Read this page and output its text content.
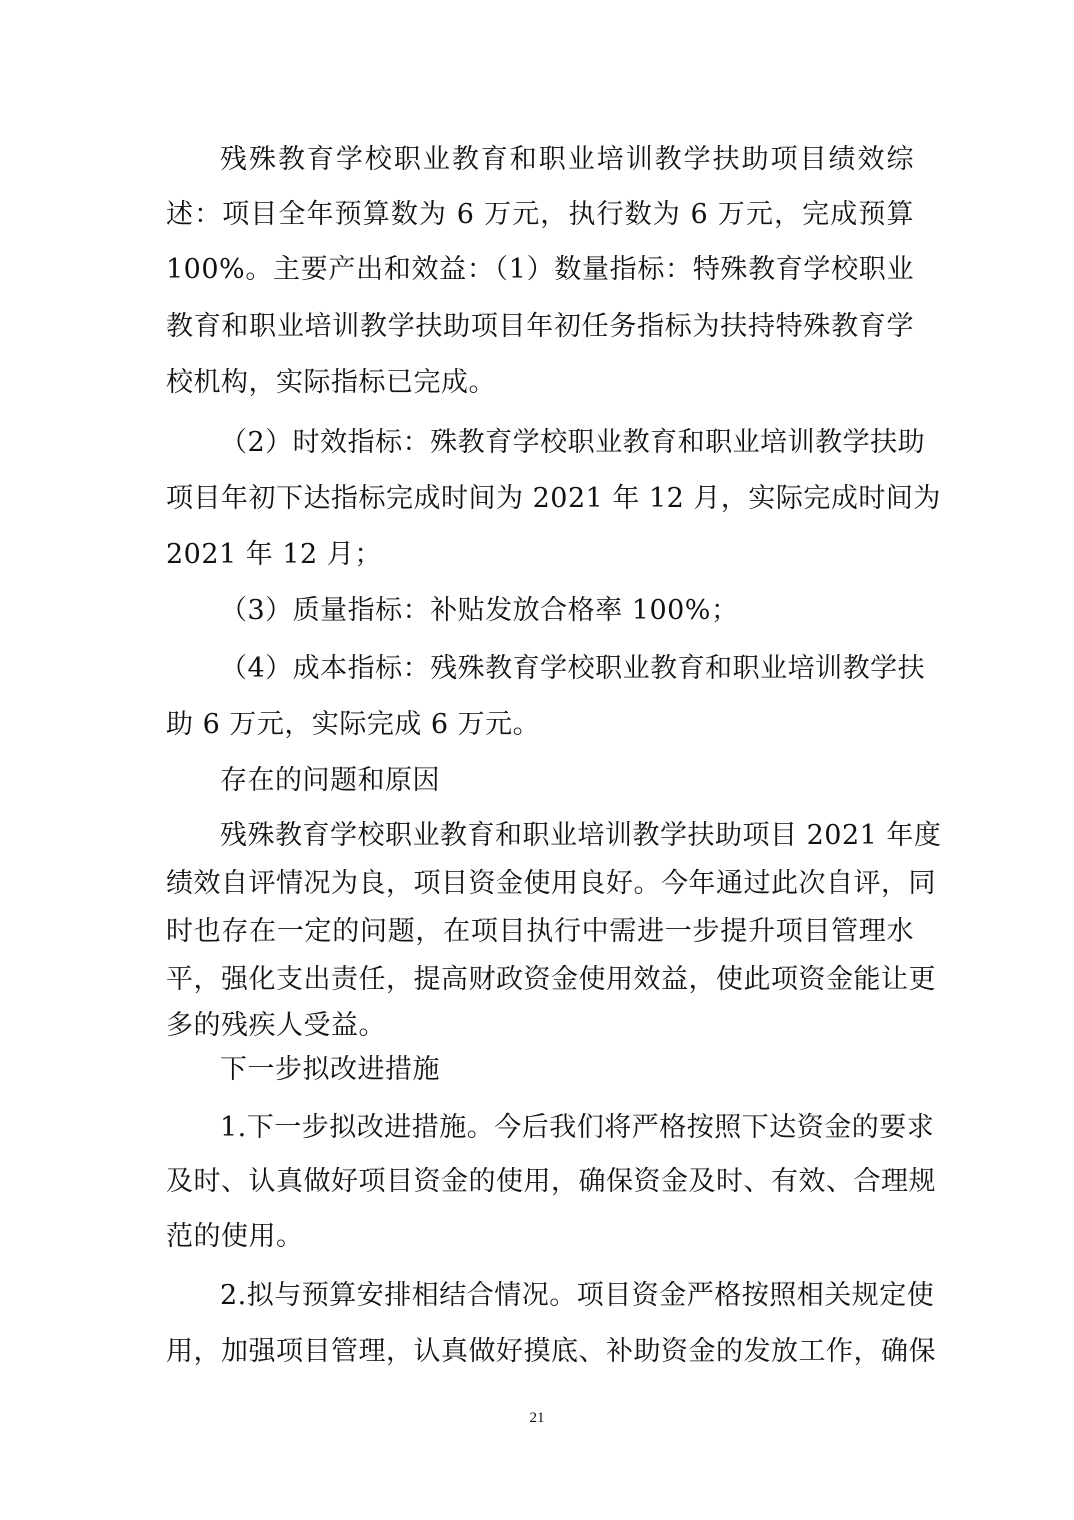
残殊教育学校职业教育和职业培训教学扶助项目绩效综
述：项目全年预算数为 6 万元，执行数为 6 万元，完成预算
100%。主要产出和效益：（1）数量指标：特殊教育学校职业
教育和职业培训教学扶助项目年初任务指标为扶持特殊教育学
校机构，实际指标已完成。
（2）时效指标：殊教育学校职业教育和职业培训教学扶助
项目年初下达指标完成时间为 2021 年 12 月，实际完成时间为
2021 年 12 月；
（3）质量指标：补贴发放合格率 100%；
（4）成本指标：残殊教育学校职业教育和职业培训教学扶
助 6 万元，实际完成 6 万元。
存在的问题和原因
残殊教育学校职业教育和职业培训教学扶助项目 2021 年度
绩效自评情况为良，项目资金使用良好。今年通过此次自评，同
时也存在一定的问题，在项目执行中需进一步提升项目管理水
平，强化支出责任，提高财政资金使用效益，使此项资金能让更
多的残疾人受益。
下一步拟改进措施
1.下一步拟改进措施。今后我们将严格按照下达资金的要求
及时、认真做好项目资金的使用，确保资金及时、有效、合理规
范的使用。
2.拟与预算安排相结合情况。项目资金严格按照相关规定使
用，加强项目管理，认真做好摸底、补助资金的发放工作，确保
21
